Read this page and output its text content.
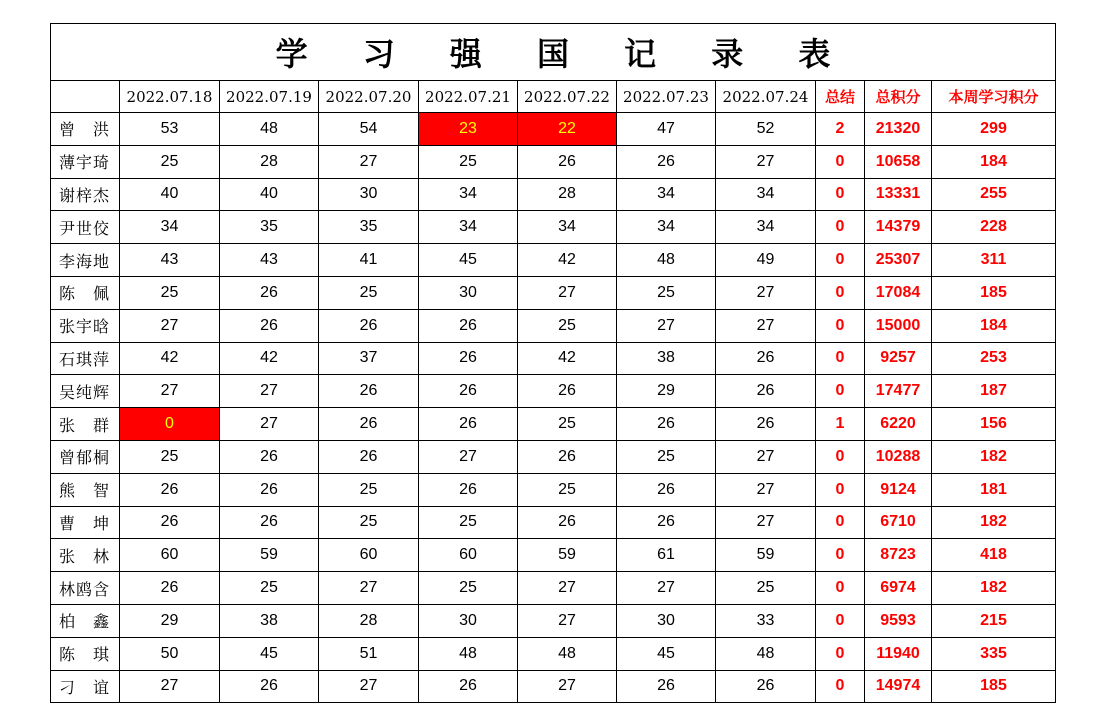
学 习 强 国 记 录 表										
	2022.07.18	2022.07.19	2022.07.20	2022.07.21	2022.07.22	2022.07.23	2022.07.24	总结	总积分	本周学习积分
曾　洪	53	48	54	23	22	47	52	2	21320	299
薄宇琦	25	28	27	25	26	26	27	0	10658	184
谢梓杰	40	40	30	34	28	34	34	0	13331	255
尹世佼	34	35	35	34	34	34	34	0	14379	228
李海地	43	43	41	45	42	48	49	0	25307	311
陈　佩	25	26	25	30	27	25	27	0	17084	185
张宇晗	27	26	26	26	25	27	27	0	15000	184
石琪萍	42	42	37	26	42	38	26	0	9257	253
吴纯辉	27	27	26	26	26	29	26	0	17477	187
张　群	0	27	26	26	25	26	26	1	6220	156
曾郁桐	25	26	26	27	26	25	27	0	10288	182
熊　智	26	26	25	26	25	26	27	0	9124	181
曹　坤	26	26	25	25	26	26	27	0	6710	182
张　林	60	59	60	60	59	61	59	0	8723	418
林鸥含	26	25	27	25	27	27	25	0	6974	182
柏　鑫	29	38	28	30	27	30	33	0	9593	215
陈　琪	50	45	51	48	48	45	48	0	11940	335
刁　谊	27	26	27	26	27	26	26	0	14974	185
